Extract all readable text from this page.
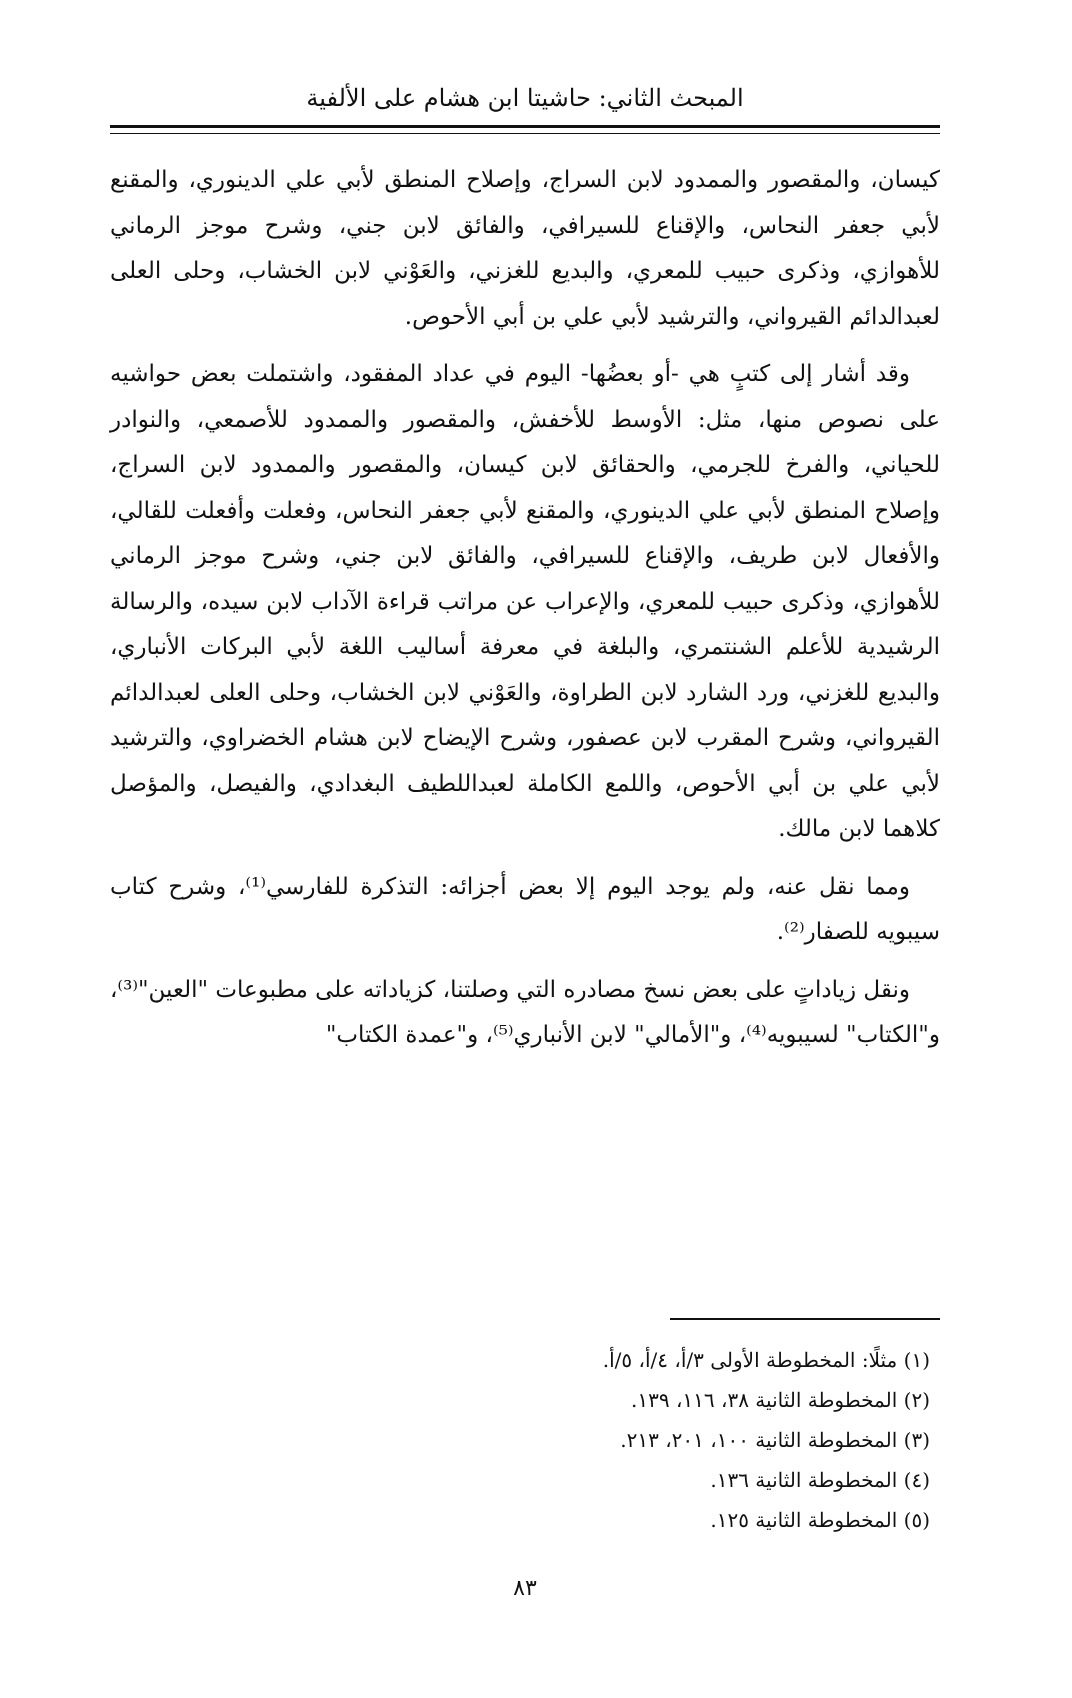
المبحث الثاني: حاشيتا ابن هشام على الألفية

كيسان، والمقصور والممدود لابن السراج، وإصلاح المنطق لأبي علي الدينوري، والمقنع لأبي جعفر النحاس، والإقناع للسيرافي، والفائق لابن جني، وشرح موجز الرماني للأهوازي، وذكرى حبيب للمعري، والبديع للغزني، والعَوْني لابن الخشاب، وحلى العلى لعبدالدائم القيرواني، والترشيد لأبي علي بن أبي الأحوص.

وقد أشار إلى كتبٍ هي -أو بعضُها- اليوم في عداد المفقود، واشتملت بعض حواشيه على نصوص منها، مثل: الأوسط للأخفش، والمقصور والممدود للأصمعي، والنوادر للحياني، والفرخ للجرمي، والحقائق لابن كيسان، والمقصور والممدود لابن السراج، وإصلاح المنطق لأبي علي الدينوري، والمقنع لأبي جعفر النحاس، وفعلت وأفعلت للقالي، والأفعال لابن طريف، والإقناع للسيرافي، والفائق لابن جني، وشرح موجز الرماني للأهوازي، وذكرى حبيب للمعري، والإعراب عن مراتب قراءة الآداب لابن سيده، والرسالة الرشيدية للأعلم الشنتمري، والبلغة في معرفة أساليب اللغة لأبي البركات الأنباري، والبديع للغزني، ورد الشارد لابن الطراوة، والعَوْني لابن الخشاب، وحلى العلى لعبدالدائم القيرواني، وشرح المقرب لابن عصفور، وشرح الإيضاح لابن هشام الخضراوي، والترشيد لأبي علي بن أبي الأحوص، واللمع الكاملة لعبداللطيف البغدادي، والفيصل، والمؤصل كلاهما لابن مالك.

ومما نقل عنه، ولم يوجد اليوم إلا بعض أجزائه: التذكرة للفارسي⁽¹⁾، وشرح كتاب سيبويه للصفار⁽²⁾.

ونقل زياداتٍ على بعض نسخ مصادره التي وصلتنا، كزياداته على مطبوعات "العين"⁽³⁾، و"الكتاب" لسيبويه⁽⁴⁾، و"الأمالي" لابن الأنباري⁽⁵⁾، و"عمدة الكتاب"

(١) مثلًا: المخطوطة الأولى ٣/أ، ٤/أ، ٥/أ.

(٢) المخطوطة الثانية ٣٨، ١١٦، ١٣٩.

(٣) المخطوطة الثانية ١٠٠، ٢٠١، ٢١٣.

(٤) المخطوطة الثانية ١٣٦.

(٥) المخطوطة الثانية ١٢٥.

٨٣
